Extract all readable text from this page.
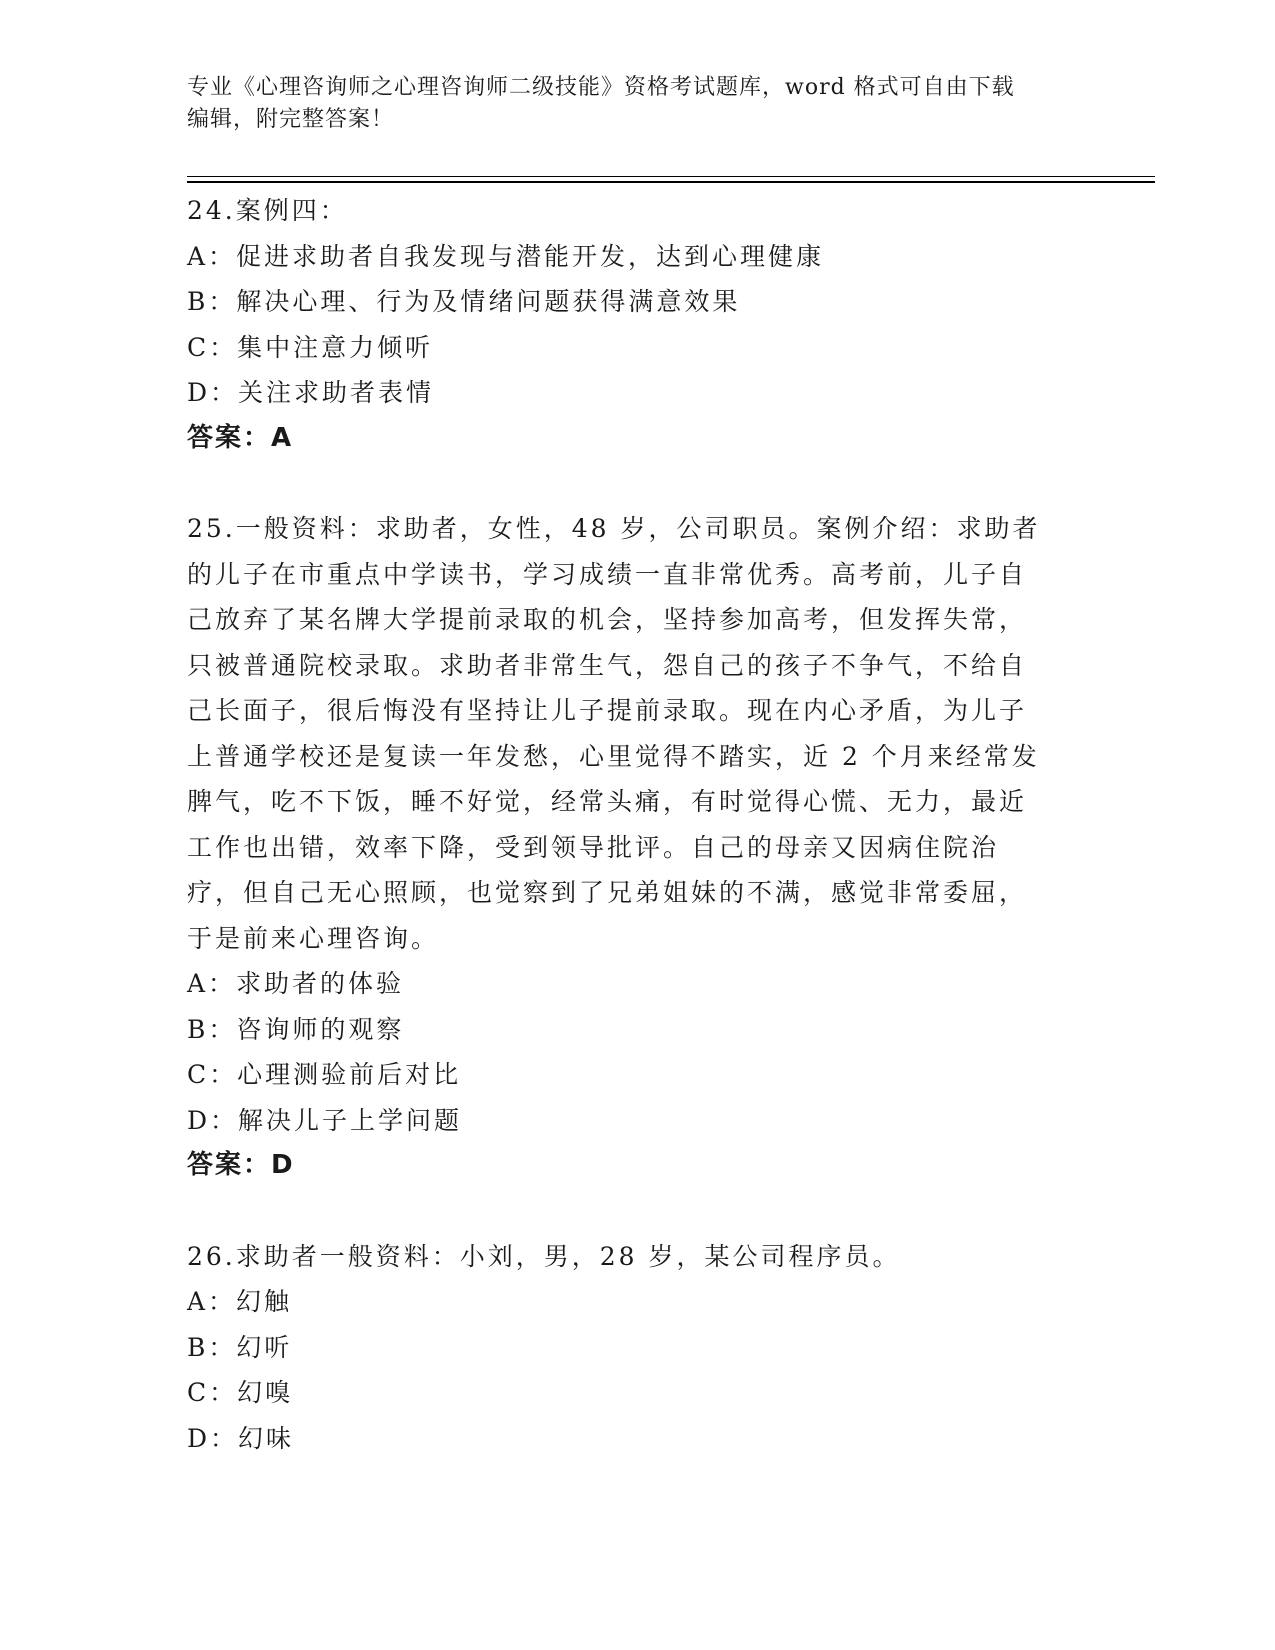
专业《心理咨询师之心理咨询师二级技能》资格考试题库，word 格式可自由下载
编辑，附完整答案！
24.案例四：
A：促进求助者自我发现与潜能开发，达到心理健康
B：解决心理、行为及情绪问题获得满意效果
C：集中注意力倾听
D：关注求助者表情
答案：A
25.一般资料：求助者，女性，48 岁，公司职员。案例介绍：求助者的儿子在市重点中学读书，学习成绩一直非常优秀。高考前，儿子自己放弃了某名牌大学提前录取的机会，坚持参加高考，但发挥失常，只被普通院校录取。求助者非常生气，怨自己的孩子不争气，不给自己长面子，很后悔没有坚持让儿子提前录取。现在内心矛盾，为儿子上普通学校还是复读一年发愁，心里觉得不踏实，近 2 个月来经常发脾气，吃不下饭，睡不好觉，经常头痛，有时觉得心慌、无力，最近工作也出错，效率下降，受到领导批评。自己的母亲又因病住院治疗，但自己无心照顾，也觉察到了兄弟姐妹的不满，感觉非常委屈，于是前来心理咨询。
A：求助者的体验
B：咨询师的观察
C：心理测验前后对比
D：解决儿子上学问题
答案：D
26.求助者一般资料：小刘，男，28 岁，某公司程序员。
A：幻触
B：幻听
C：幻嗅
D：幻味
